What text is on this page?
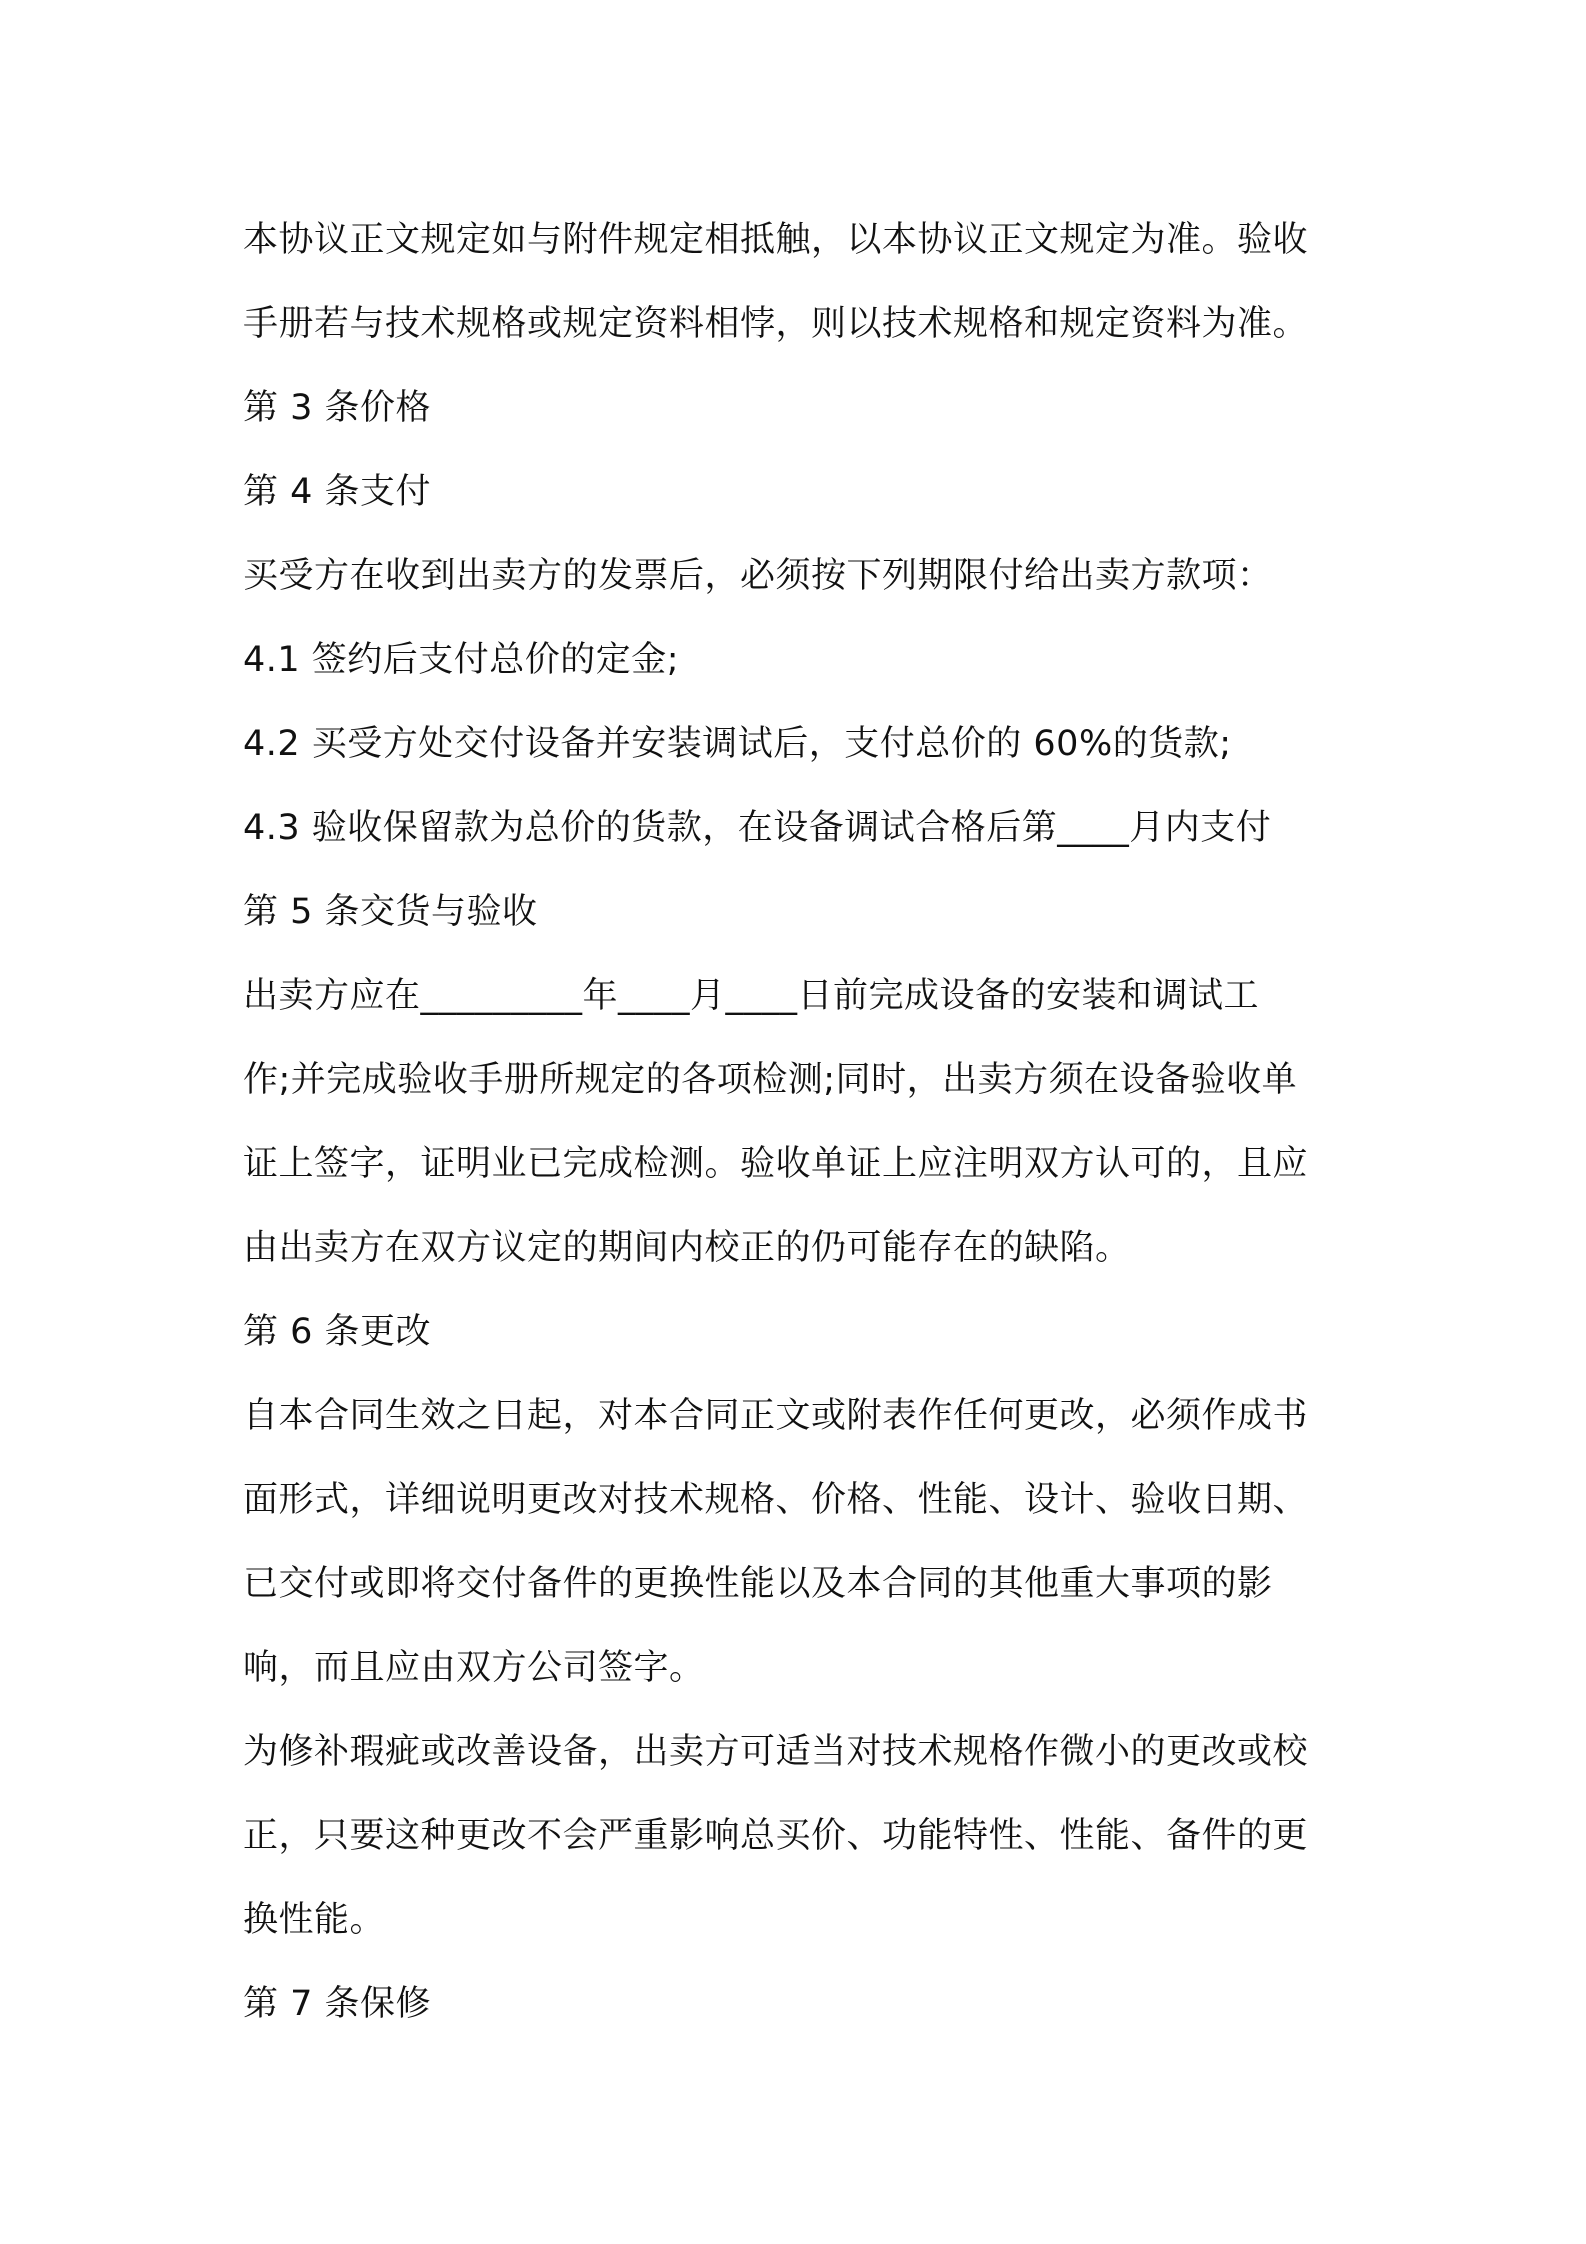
本协议正文规定如与附件规定相抵触，以本协议正文规定为准。验收
手册若与技术规格或规定资料相悖，则以技术规格和规定资料为准。
第 3 条价格
第 4 条支付
买受方在收到出卖方的发票后，必须按下列期限付给出卖方款项：
4.1 签约后支付总价的定金;
4.2 买受方处交付设备并安装调试后，支付总价的 60%的货款;
4.3 验收保留款为总价的货款，在设备调试合格后第____月内支付
第 5 条交货与验收
出卖方应在_________年____月____日前完成设备的安装和调试工
作;并完成验收手册所规定的各项检测;同时，出卖方须在设备验收单
证上签字，证明业已完成检测。验收单证上应注明双方认可的，且应
由出卖方在双方议定的期间内校正的仍可能存在的缺陷。
第 6 条更改
自本合同生效之日起，对本合同正文或附表作任何更改，必须作成书
面形式，详细说明更改对技术规格、价格、性能、设计、验收日期、
已交付或即将交付备件的更换性能以及本合同的其他重大事项的影
响，而且应由双方公司签字。
为修补瑕疵或改善设备，出卖方可适当对技术规格作微小的更改或校
正，只要这种更改不会严重影响总买价、功能特性、性能、备件的更
换性能。
第 7 条保修
